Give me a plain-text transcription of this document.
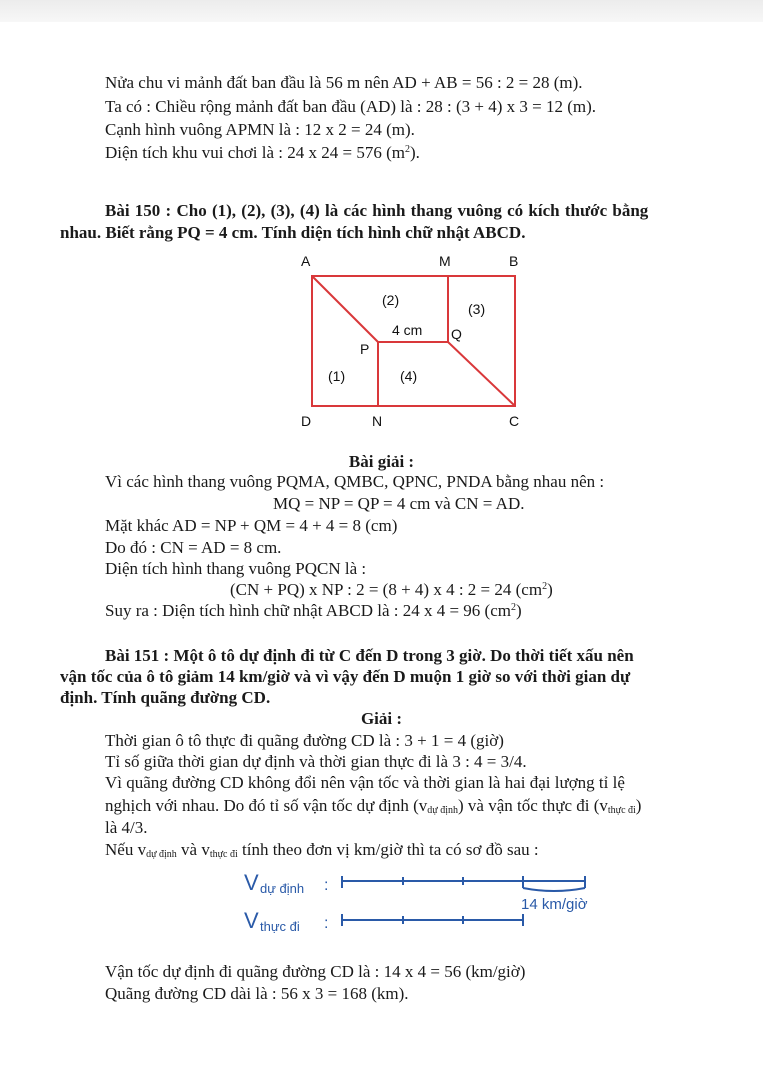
Nửa chu vi mảnh đất ban đầu là 56 m nên AD + AB = 56 : 2 = 28 (m).
Ta có : Chiều rộng mảnh đất ban đầu (AD) là : 28 : (3 + 4) x 3 = 12 (m).
Cạnh hình vuông APMN là : 12 x 2 = 24 (m).
Diện tích khu vui chơi là : 24 x 24 = 576 $(m^2)$.
Bài 150 : Cho (1), (2), (3), (4) là các hình thang vuông có kích thước bằng
nhau. Biết rằng PQ = 4 cm. Tính diện tích hình chữ nhật ABCD.
A	M	B
D	N	C
P
Q
(2)
(3)
4 cm
(1)	(4)
Bài giải :
Vì các hình thang vuông PQMA, QMBC, QPNC, PNDA bằng nhau nên :
MQ = NP = QP = 4 cm và CN = AD.
Mặt khác AD = NP + QM = 4 + 4 = 8 (cm)
Do đó : CN = AD = 8 cm.
Diện tích hình thang vuông PQCN là :
(CN + PQ) x NP : 2 = (8 + 4) x 4 : 2 = 24 $(cm^2)$
Suy ra : Diện tích hình chữ nhật ABCD là : 24 x 4 = 96 $(cm^2)$
Bài 151 : Một ô tô dự định đi từ C đến D trong 3 giờ. Do thời tiết xấu nên
vận tốc của ô tô giảm 14 km/giờ và vì vậy đến D muộn 1 giờ so với thời gian dự
định. Tính quãng đường CD.
Giải :
Thời gian ô tô thực đi quãng đường CD là : 3 + 1 = 4 (giờ)
Tỉ số giữa thời gian dự định và thời gian thực đi là 3 : 4 = 3/4.
Vì quãng đường CD không đổi nên vận tốc và thời gian là hai đại lượng tỉ lệ
nghịch với nhau. Do đó tỉ số vận tốc dự định $(v_{dự định})$ và vận tốc thực đi $(v_{thực đi})$
là 4/3.
Nếu $v_{dự định}$ và $v_{thực đi}$ tính theo đơn vị km/giờ thì ta có sơ đồ sau :
V dự định :
14 km/giờ
V thực đi :
Vận tốc dự định đi quãng đường CD là : 14 x 4 = 56 (km/giờ)
Quãng đường CD dài là : 56 x 3 = 168 (km).
